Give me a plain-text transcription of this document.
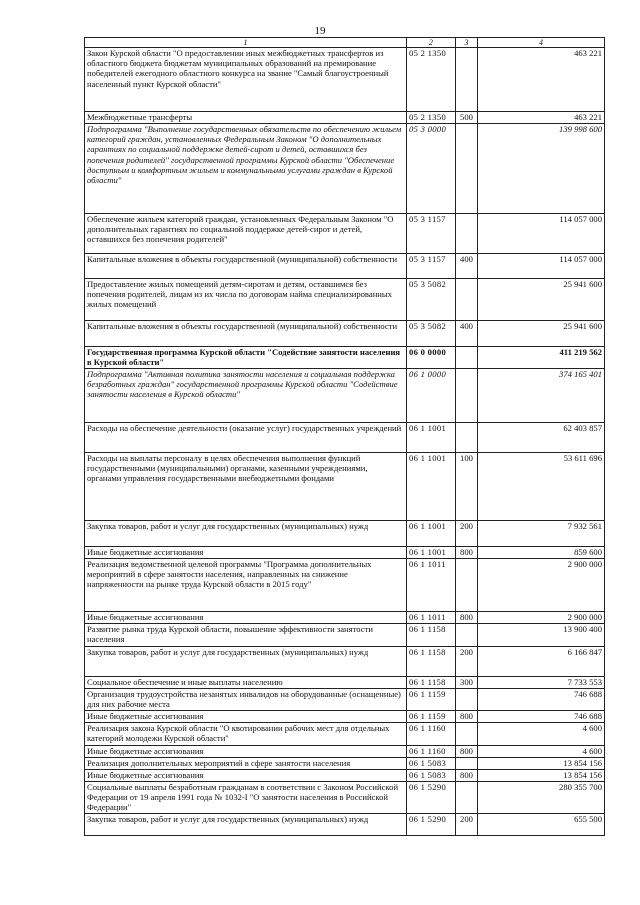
19
1	2	3	4
Закон Курской области "О предоставлении иных межбюджетных трансфертов из областного бюджета бюджетам муниципальных образований на премирование победителей ежегодного областного конкурса на звание "Самый благоустроенный населенный пункт Курской области"	05 2 1350		463 221
Межбюджетные трансферты	05 2 1350	500	463 221
Подпрограмма "Выполнение государственных обязательств по обеспечению жильем категорий граждан, установленных Федеральным Законом "О дополнительных гарантиях по социальной поддержке детей-сирот и детей, оставшихся без попечения родителей" государственной программы Курской области "Обеспечение доступным и комфортным жильем и коммунальными услугами граждан в Курской области"	05 3 0000		139 998 600
Обеспечение жильем категорий граждан, установленных Федеральным Законом "О дополнительных гарантиях по социальной поддержке детей-сирот и детей, оставшихся без попечения родителей"	05 3 1157		114 057 000
Капитальные вложения в объекты государственной (муниципальной) собственности	05 3 1157	400	114 057 000
Предоставление жилых помещений детям-сиротам и детям, оставшимся без попечения родителей, лицам из их числа по договорам найма специализированных жилых помещений	05 3 5082		25 941 600
Капитальные вложения в объекты государственной (муниципальной) собственности	05 3 5082	400	25 941 600
Государственная программа Курской области "Содействие занятости населения в Курской области"	06 0 0000		411 219 562
Подпрограмма "Активная политика занятости населения и социальная поддержка безработных граждан" государственной программы Курской области "Содействие занятости населения в Курской области"	06 1 0000		374 165 401
Расходы на обеспечение деятельности (оказание услуг) государственных учреждений	06 1 1001		62 403 857
Расходы на выплаты персоналу в целях обеспечения выполнения функций государственными (муниципальными) органами, казенными учреждениями, органами управления государственными внебюджетными фондами	06 1 1001	100	53 611 696
Закупка товаров, работ и услуг для государственных (муниципальных) нужд	06 1 1001	200	7 932 561
Иные бюджетные ассигнования	06 1 1001	800	859 600
Реализация ведомственной целевой программы "Программа дополнительных мероприятий в сфере занятости населения, направленных на снижение напряженности на рынке труда Курской области в 2015 году"	06 1 1011		2 900 000
Иные бюджетные ассигнования	06 1 1011	800	2 900 000
Развитие рынка труда Курской области, повышение эффективности занятости населения	06 1 1158		13 900 400
Закупка товаров, работ и услуг для государственных (муниципальных) нужд	06 1 1158	200	6 166 847
Социальное обеспечение и иные выплаты населению	06 1 1158	300	7 733 553
Организация трудоустройства незанятых инвалидов на оборудованные (оснащенные) для них рабочие места	06 1 1159		746 688
Иные бюджетные ассигнования	06 1 1159	800	746 688
Реализация закона Курской области "О квотировании рабочих мест для отдельных категорий молодежи Курской области"	06 1 1160		4 600
Иные бюджетные ассигнования	06 1 1160	800	4 600
Реализация дополнительных мероприятий в сфере занятости населения	06 1 5083		13 854 156
Иные бюджетные ассигнования	06 1 5083	800	13 854 156
Социальные выплаты безработным гражданам в соответствии с Законом Российской Федерации от 19 апреля 1991 года № 1032-I "О занятости населения в Российской Федерации"	06 1 5290		280 355 700
Закупка товаров, работ и услуг для государственных (муниципальных) нужд	06 1 5290	200	655 500
